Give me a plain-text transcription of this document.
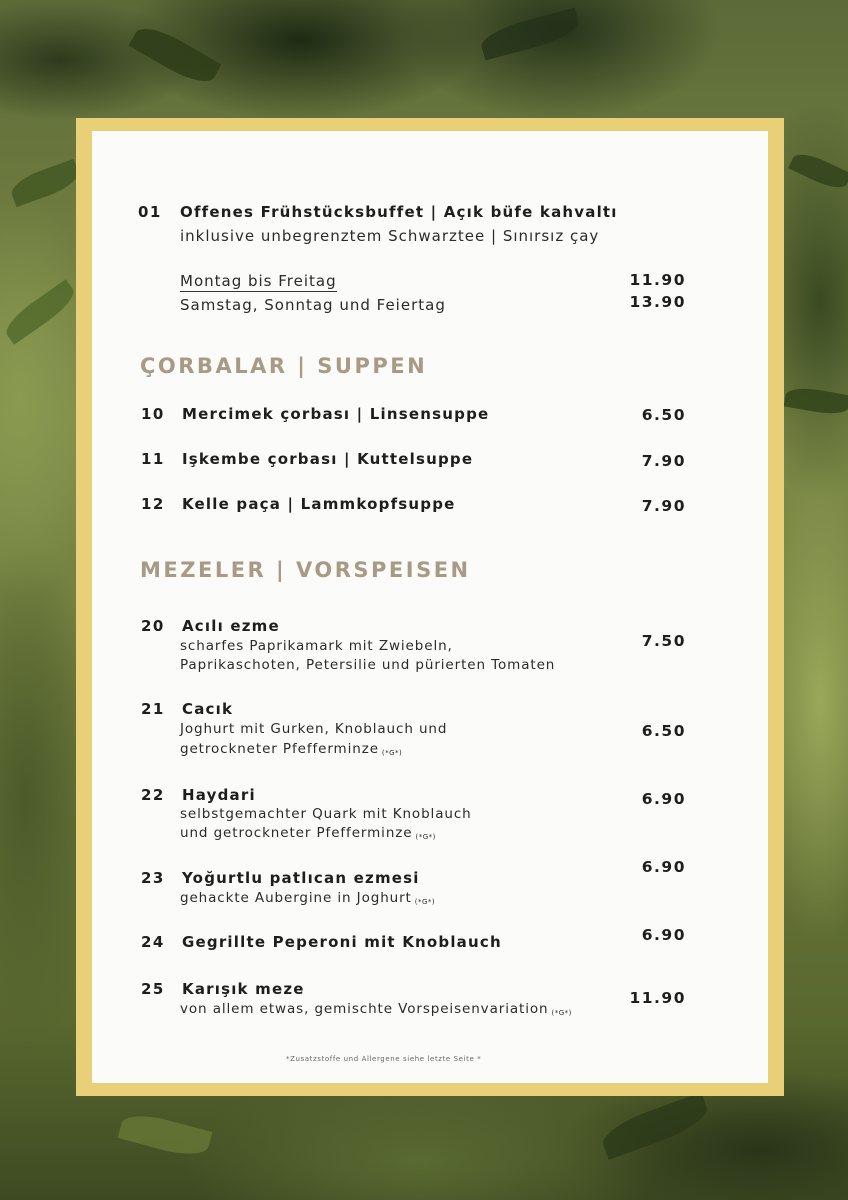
01 Offenes Frühstücksbuffet | Açık büfe kahvaltı
inklusive unbegrenztem Schwarztee | Sınırsız çay
Montag bis Freitag	11.90
Samstag, Sonntag und Feiertag	13.90
ÇORBALAR | SUPPEN
10 Mercimek çorbası | Linsensuppe	6.50
11 Işkembe çorbası | Kuttelsuppe	7.90
12 Kelle paça | Lammkopfsuppe	7.90
MEZELER | VORSPEISEN
20 Acılı ezme
scharfes Paprikamark mit Zwiebeln,
Paprikaschoten, Petersilie und pürierten Tomaten
7.50
21 Cacık
Joghurt mit Gurken, Knoblauch und
getrockneter Pfefferminze (*G*)
6.50
22 Haydari
selbstgemachter Quark mit Knoblauch
und getrockneter Pfefferminze (*G*)
6.90
23 Yoğurtlu patlıcan ezmesi
gehackte Aubergine in Joghurt (*G*)
6.90
24 Gegrillte Peperoni mit Knoblauch	6.90
25 Karışık meze
von allem etwas, gemischte Vorspeisenvariation (*G*)
11.90
*Zusatzstoffe und Allergene siehe letzte Seite *
